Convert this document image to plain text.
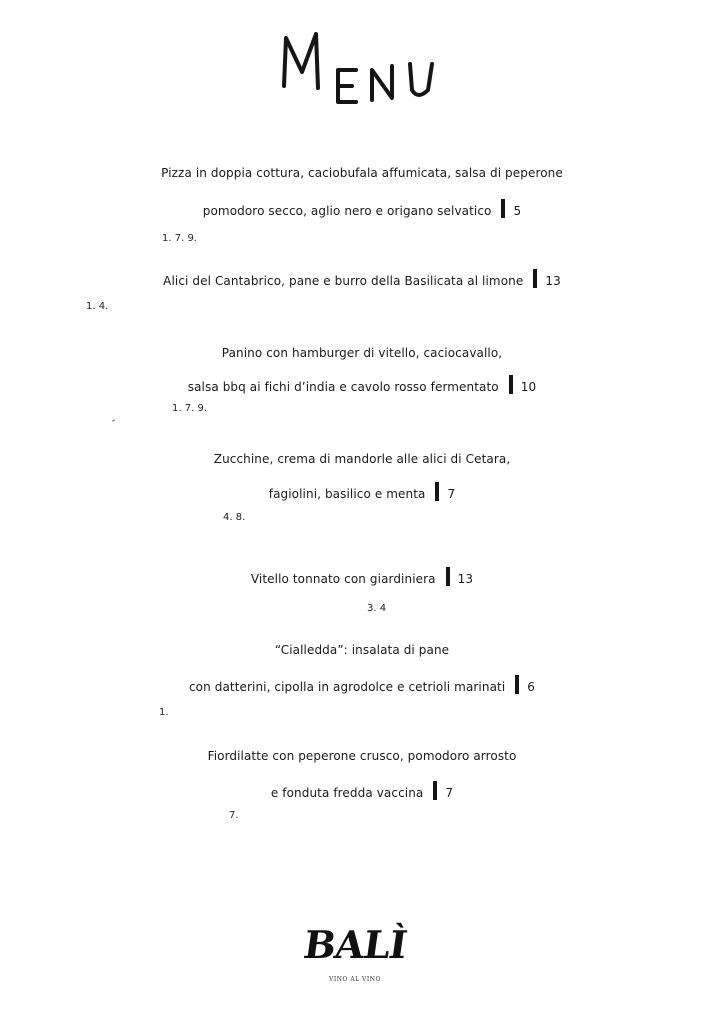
Pizza in doppia cottura, caciobufala affumicata, salsa di peperone
pomodoro secco, aglio nero e origano selvatico 5
1. 7. 9.
Alici del Cantabrico, pane e burro della Basilicata al limone 13
1. 4.
Panino con hamburger di vitello, caciocavallo,
salsa bbq ai fichi d’india e cavolo rosso fermentato 10
1. 7. 9.
Zucchine, crema di mandorle alle alici di Cetara,
fagiolini, basilico e menta 7
4. 8.
Vitello tonnato con giardiniera 13
3. 4
“Cialledda”: insalata di pane
con datterini, cipolla in agrodolce e cetrioli marinati 6
1.
Fiordilatte con peperone crusco, pomodoro arrosto
e fonduta fredda vaccina 7
7.
BALÌ
VINO AL VINO
